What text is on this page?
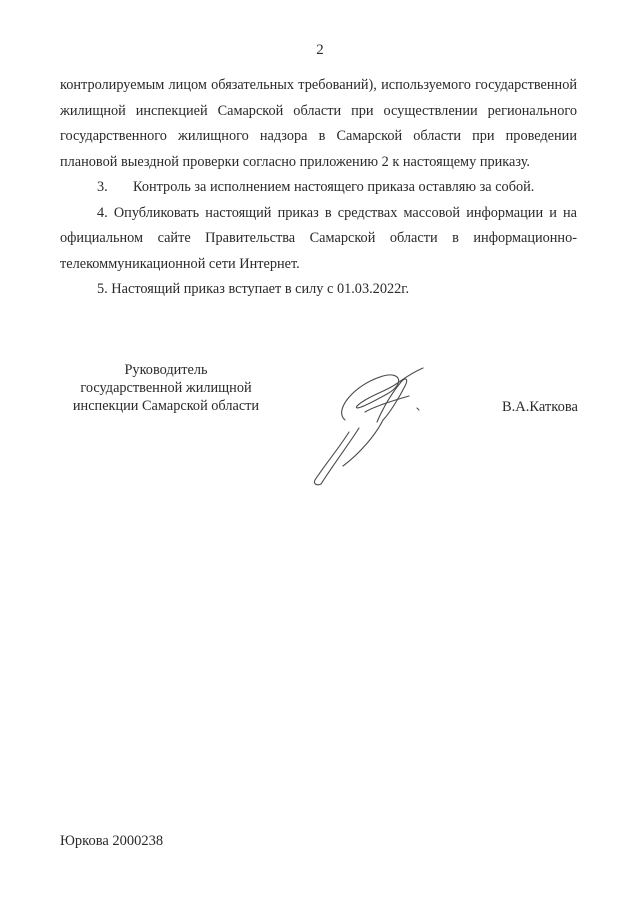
2

контролируемым лицом обязательных требований), используемого государственной жилищной инспекцией Самарской области при осуществлении регионального государственного жилищного надзора в Самарской области при проведении плановой выездной проверки согласно приложению 2 к настоящему приказу.

3. Контроль за исполнением настоящего приказа оставляю за собой.

4. Опубликовать настоящий приказ в средствах массовой информации и на официальном сайте Правительства Самарской области в информационно-телекоммуникационной сети Интернет.

5. Настоящий приказ вступает в силу с 01.03.2022г.

Руководитель
государственной жилищной
инспекции Самарской области	В.А.Каткова
Юркова 2000238
